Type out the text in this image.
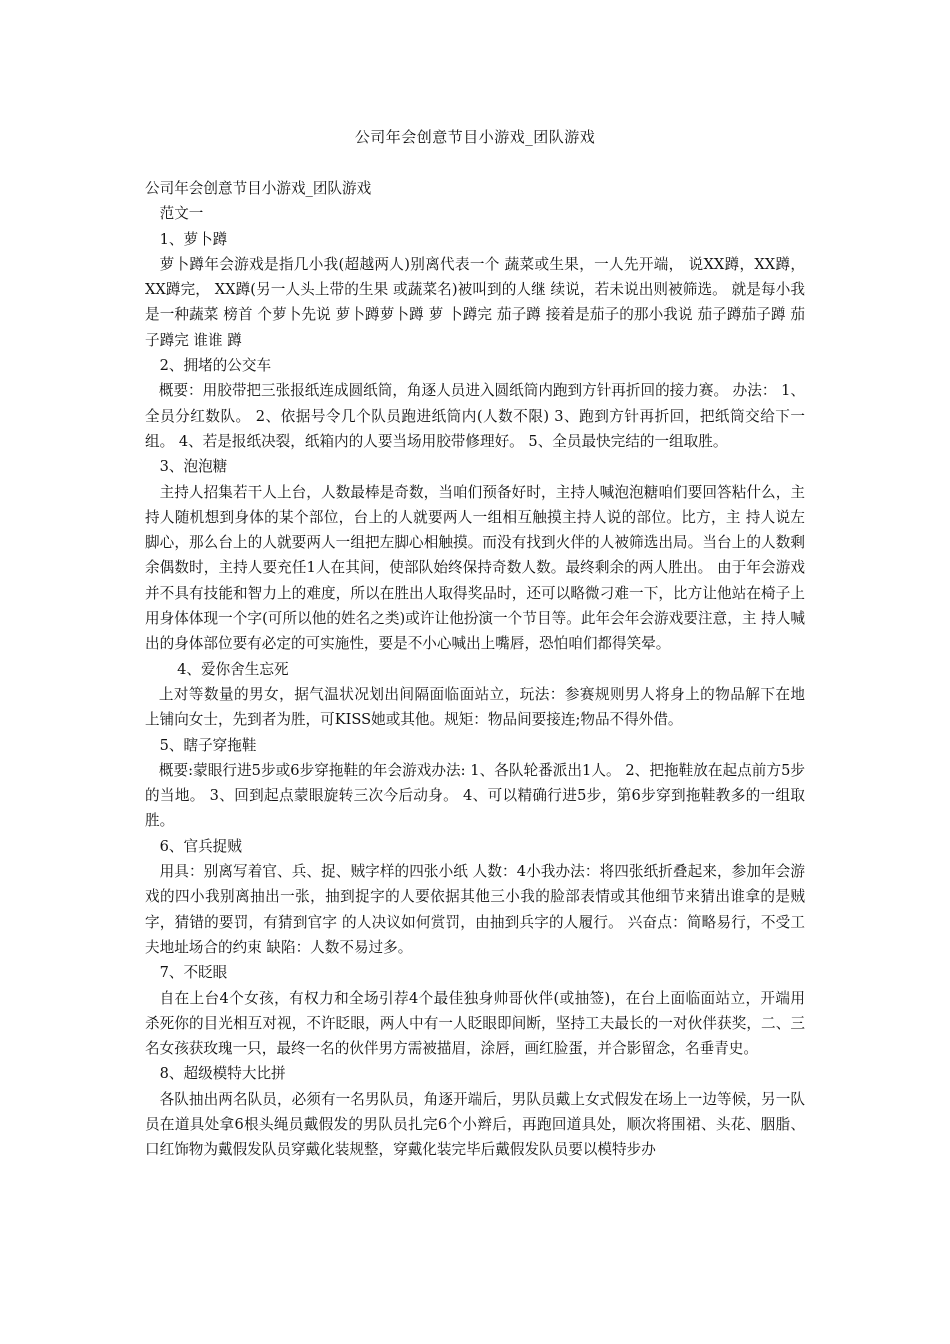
公司年会创意节目小游戏_团队游戏

公司年会创意节目小游戏_团队游戏

范文一

1、萝卜蹲

萝卜蹲年会游戏是指几小我(超越两人)别离代表一个 蔬菜或生果，一人先开端， 说XX蹲，XX蹲，XX蹲完， XX蹲(另一人头上带的生果 或蔬菜名)被叫到的人继 续说，若未说出则被筛选。 就是每小我是一种蔬菜 榜首 个萝卜先说 萝卜蹲萝卜蹲 萝 卜蹲完 茄子蹲 接着是茄子的那小我说 茄子蹲茄子蹲 茄 子蹲完 谁谁 蹲

2、拥堵的公交车

概要：用胶带把三张报纸连成圆纸筒，角逐人员进入圆纸筒内跑到方针再折回的接力赛。 办法： 1、全员分红数队。 2、依据号令几个队员跑进纸筒内(人数不限) 3、跑到方针再折回，把纸筒交给下一组。 4、若是报纸决裂，纸箱内的人要当场用胶带修理好。 5、全员最快完结的一组取胜。

3、泡泡糖

主持人招集若干人上台，人数最棒是奇数，当咱们预备好时，主持人喊泡泡糖咱们要回答粘什么，主持人随机想到身体的某个部位，台上的人就要两人一组相互触摸主持人说的部位。比方，主 持人说左脚心，那么台上的人就要两人一组把左脚心相触摸。而没有找到火伴的人被筛选出局。当台上的人数剩余偶数时，主持人要充任1人在其间，使部队始终保持奇数人数。最终剩余的两人胜出。 由于年会游戏并不具有技能和智力上的难度，所以在胜出人取得奖品时，还可以略微刁难一下，比方让他站在椅子上用身体体现一个字(可所以他的姓名之类)或许让他扮演一个节目等。此年会年会游戏要注意，主 持人喊出的身体部位要有必定的可实施性，要是不小心喊出上嘴唇，恐怕咱们都得笑晕。

4、爱你舍生忘死

上对等数量的男女，据气温状况划出间隔面临面站立，玩法：参赛规则男人将身上的物品解下在地 上铺向女士，先到者为胜，可KISS她或其他。规矩：物品间要接连;物品不得外借。

5、瞎子穿拖鞋

概要:蒙眼行进5步或6步穿拖鞋的年会游戏办法: 1、各队轮番派出1人。 2、把拖鞋放在起点前方5步的当地。 3、回到起点蒙眼旋转三次今后动身。 4、可以精确行进5步，第6步穿到拖鞋教多的一组取胜。

6、官兵捉贼

用具：别离写着官、兵、捉、贼字样的四张小纸 人数：4小我办法：将四张纸折叠起来，参加年会游戏的四小我别离抽出一张，抽到捉字的人要依据其他三小我的脸部表情或其他细节来猜出谁拿的是贼字，猜错的要罚，有猜到官字 的人决议如何赏罚，由抽到兵字的人履行。 兴奋点：简略易行，不受工夫地址场合的约束 缺陷：人数不易过多。

7、不眨眼

自在上台4个女孩，有权力和全场引荐4个最佳独身帅哥伙伴(或抽签)，在台上面临面站立，开端用 杀死你的目光相互对视，不许眨眼，两人中有一人眨眼即间断，坚持工夫最长的一对伙伴获奖，二、三名女孩获玫瑰一只，最终一名的伙伴男方需被描眉，涂唇，画红脸蛋，并合影留念，名垂青史。

8、超级模特大比拼

各队抽出两名队员，必须有一名男队员，角逐开端后，男队员戴上女式假发在场上一边等候，另一队员在道具处拿6根头绳员戴假发的男队员扎完6个小辫后，再跑回道具处，顺次将围裙、头花、胭脂、口红饰物为戴假发队员穿戴化装规整，穿戴化装完毕后戴假发队员要以模特步办
